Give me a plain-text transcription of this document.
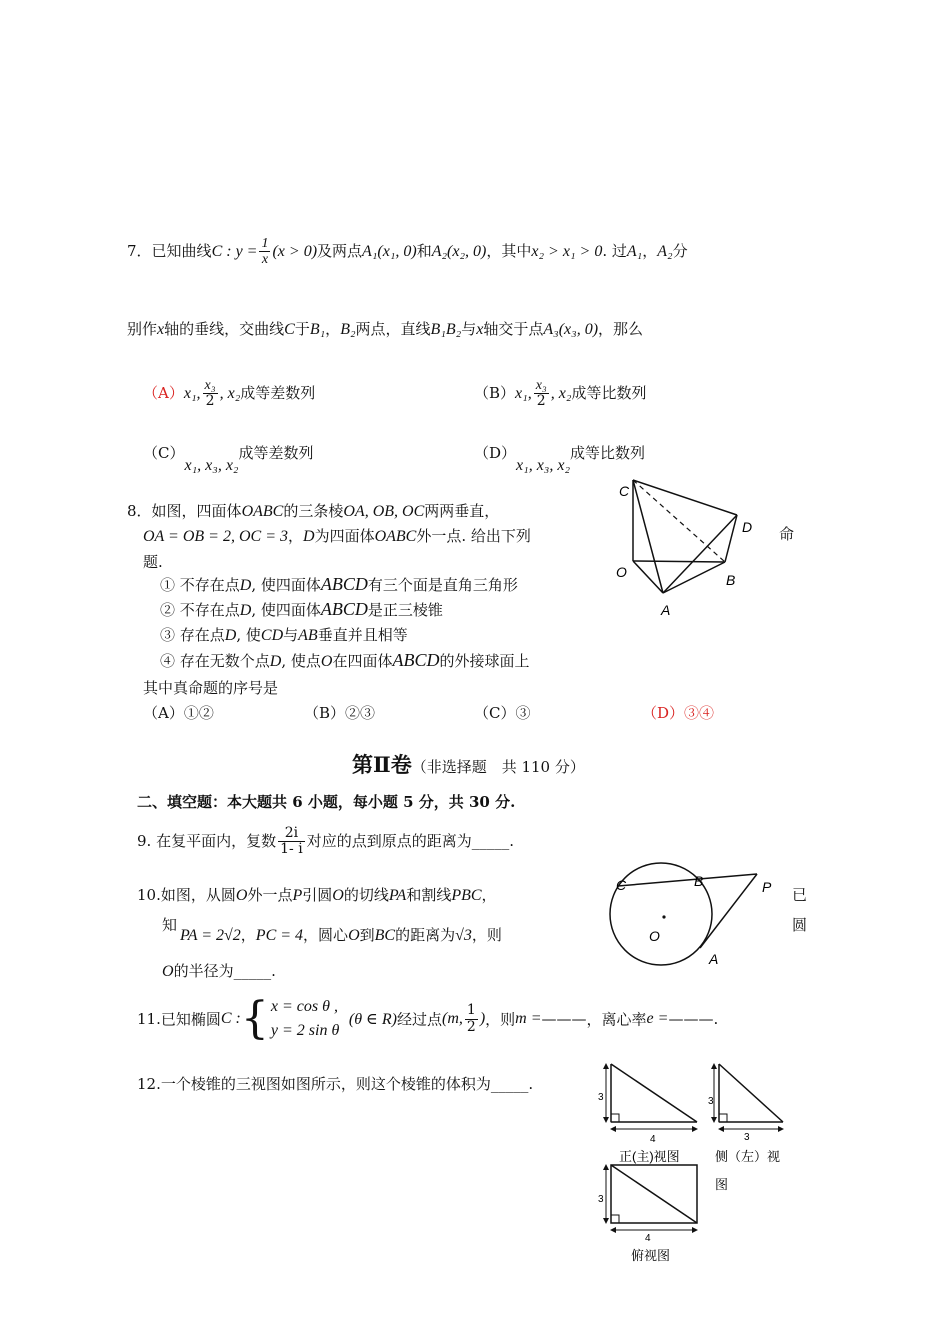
7．已知曲线C : $y = \frac{1}{x} (x > 0)$及两点A₁(x₁, 0)和A₂(x₂, 0)，其中x₂ > x₁ > 0. 过A₁，A₂分
别作x轴的垂线，交曲线C于B₁，B₂两点，直线B₁B₂与x轴交于点A₃(x₃, 0)，那么
（A）x₁, $\frac{\text{x₃}}{2}$ , x₂成等差数列	（B）x₁, $\frac{\text{x₃}}{2}$ , x₂成等比数列
（C）x₁, x₃, x₂成等差数列	（D）x₁, x₃, x₂成等比数列
8．如图，四面体OABC的三条棱OA, OB, OC两两垂直，
OA = OB = 2, OC = 3，D为四面体OABC外一点. 给出下列	命
题.
① 不存在点D, 使四面体ABCD有三个面是直角三角形
② 不存在点D, 使四面体ABCD是正三棱锥
③ 存在点D, 使CD与AB垂直并且相等
④ 存在无数个点D, 使点O在四面体ABCD的外接球面上
其中真命题的序号是
（A）①②	（B）②③	（C）③	（D）③④
C
D
O	B
A
第Ⅱ卷（非选择题　共 110 分）
二、填空题：本大题共 6 小题，每小题 5 分，共 30 分.
9. 在复平面内，复数 $\frac{2i}{1- i}$ 对应的点到原点的距离为_____.
10.如图，从圆O外一点P引圆O的切线PA和割线PBC，	已
知
PA = 2√2，PC = 4，圆心O到BC的距离为√3，则
圆
O的半径为_____.
C	B	P
O
A
11.已知椭圆C :{ x = cos θ ,
y = 2 sin θ
(θ ∈ R)经过点(m, $\frac{1}{2}$ )，则m =———，离心率e =———.
12.一个棱锥的三视图如图所示，则这个棱锥的体积为_____.
3
4
正(主)视图
3
3
侧（左）视
图
3
4
俯视图
